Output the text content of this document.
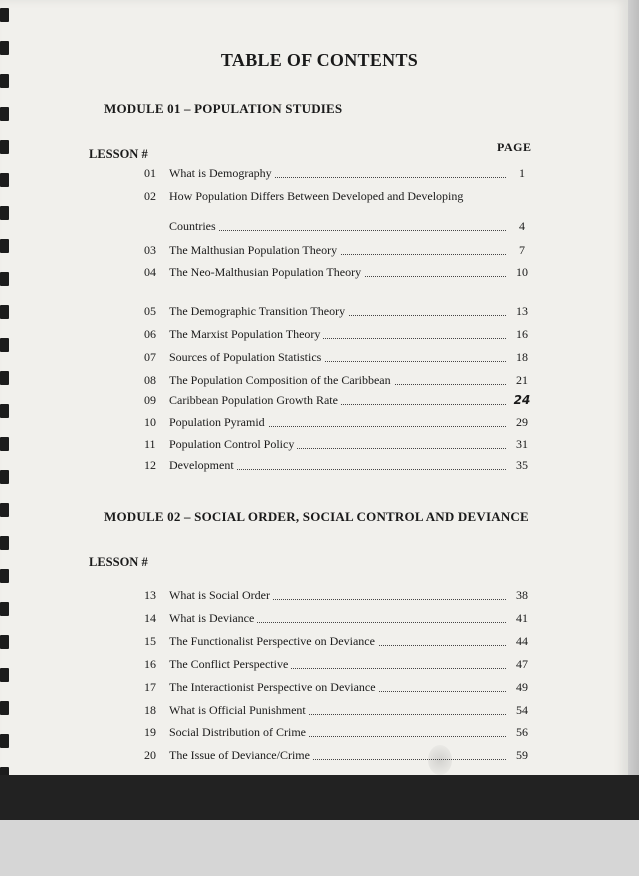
TABLE OF CONTENTS
MODULE 01 – POPULATION STUDIES
LESSON #	PAGE
MODULE 02 – SOCIAL ORDER, SOCIAL CONTROL AND DEVIANCE
LESSON #
01	What is Demography	1
02	How Population Differs Between Developed and Developing
Countries	4
03	The Malthusian Population Theory	7
04	The Neo-Malthusian Population Theory	10
05	The Demographic Transition Theory	13
06	The Marxist Population Theory	16
07	Sources of Population Statistics	18
08	The Population Composition of the Caribbean	21
09	Caribbean Population Growth Rate	24
10	Population Pyramid	29
11	Population Control Policy	31
12	Development	35
13	What is Social Order	38
14	What is Deviance	41
15	The Functionalist Perspective on Deviance	44
16	The Conflict Perspective	47
17	The Interactionist Perspective on Deviance	49
18	What is Official Punishment	54
19	Social Distribution of Crime	56
20	The Issue of Deviance/Crime	59
